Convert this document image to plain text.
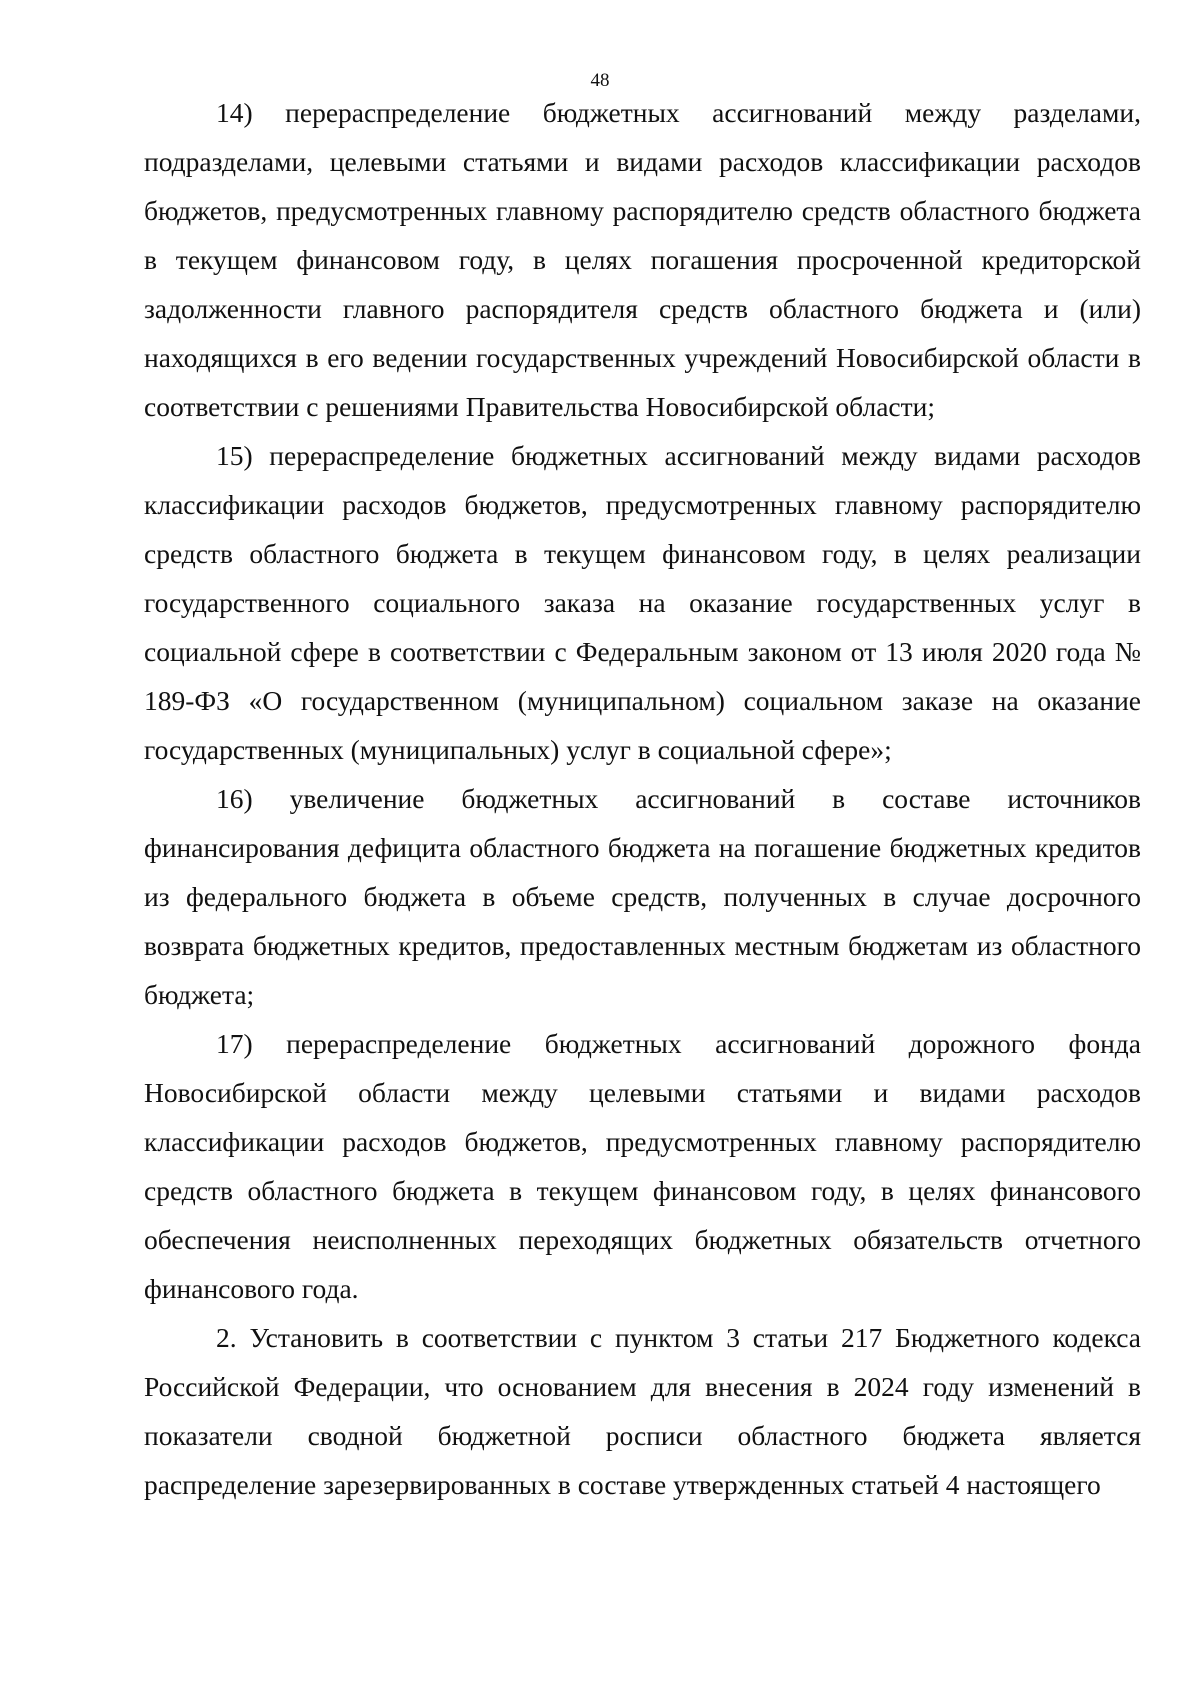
48

14) перераспределение бюджетных ассигнований между разделами, подразделами, целевыми статьями и видами расходов классификации расходов бюджетов, предусмотренных главному распорядителю средств областного бюджета в текущем финансовом году, в целях погашения просроченной кредиторской задолженности главного распорядителя средств областного бюджета и (или) находящихся в его ведении государственных учреждений Новосибирской области в соответствии с решениями Правительства Новосибирской области;

15) перераспределение бюджетных ассигнований между видами расходов классификации расходов бюджетов, предусмотренных главному распорядителю средств областного бюджета в текущем финансовом году, в целях реализации государственного социального заказа на оказание государственных услуг в социальной сфере в соответствии с Федеральным законом от 13 июля 2020 года № 189-ФЗ «О государственном (муниципальном) социальном заказе на оказание государственных (муниципальных) услуг в социальной сфере»;

16) увеличение бюджетных ассигнований в составе источников финансирования дефицита областного бюджета на погашение бюджетных кредитов из федерального бюджета в объеме средств, полученных в случае досрочного возврата бюджетных кредитов, предоставленных местным бюджетам из областного бюджета;

17) перераспределение бюджетных ассигнований дорожного фонда Новосибирской области между целевыми статьями и видами расходов классификации расходов бюджетов, предусмотренных главному распорядителю средств областного бюджета в текущем финансовом году, в целях финансового обеспечения неисполненных переходящих бюджетных обязательств отчетного финансового года.

2. Установить в соответствии с пунктом 3 статьи 217 Бюджетного кодекса Российской Федерации, что основанием для внесения в 2024 году изменений в показатели сводной бюджетной росписи областного бюджета является распределение зарезервированных в составе утвержденных статьей 4 настоящего
